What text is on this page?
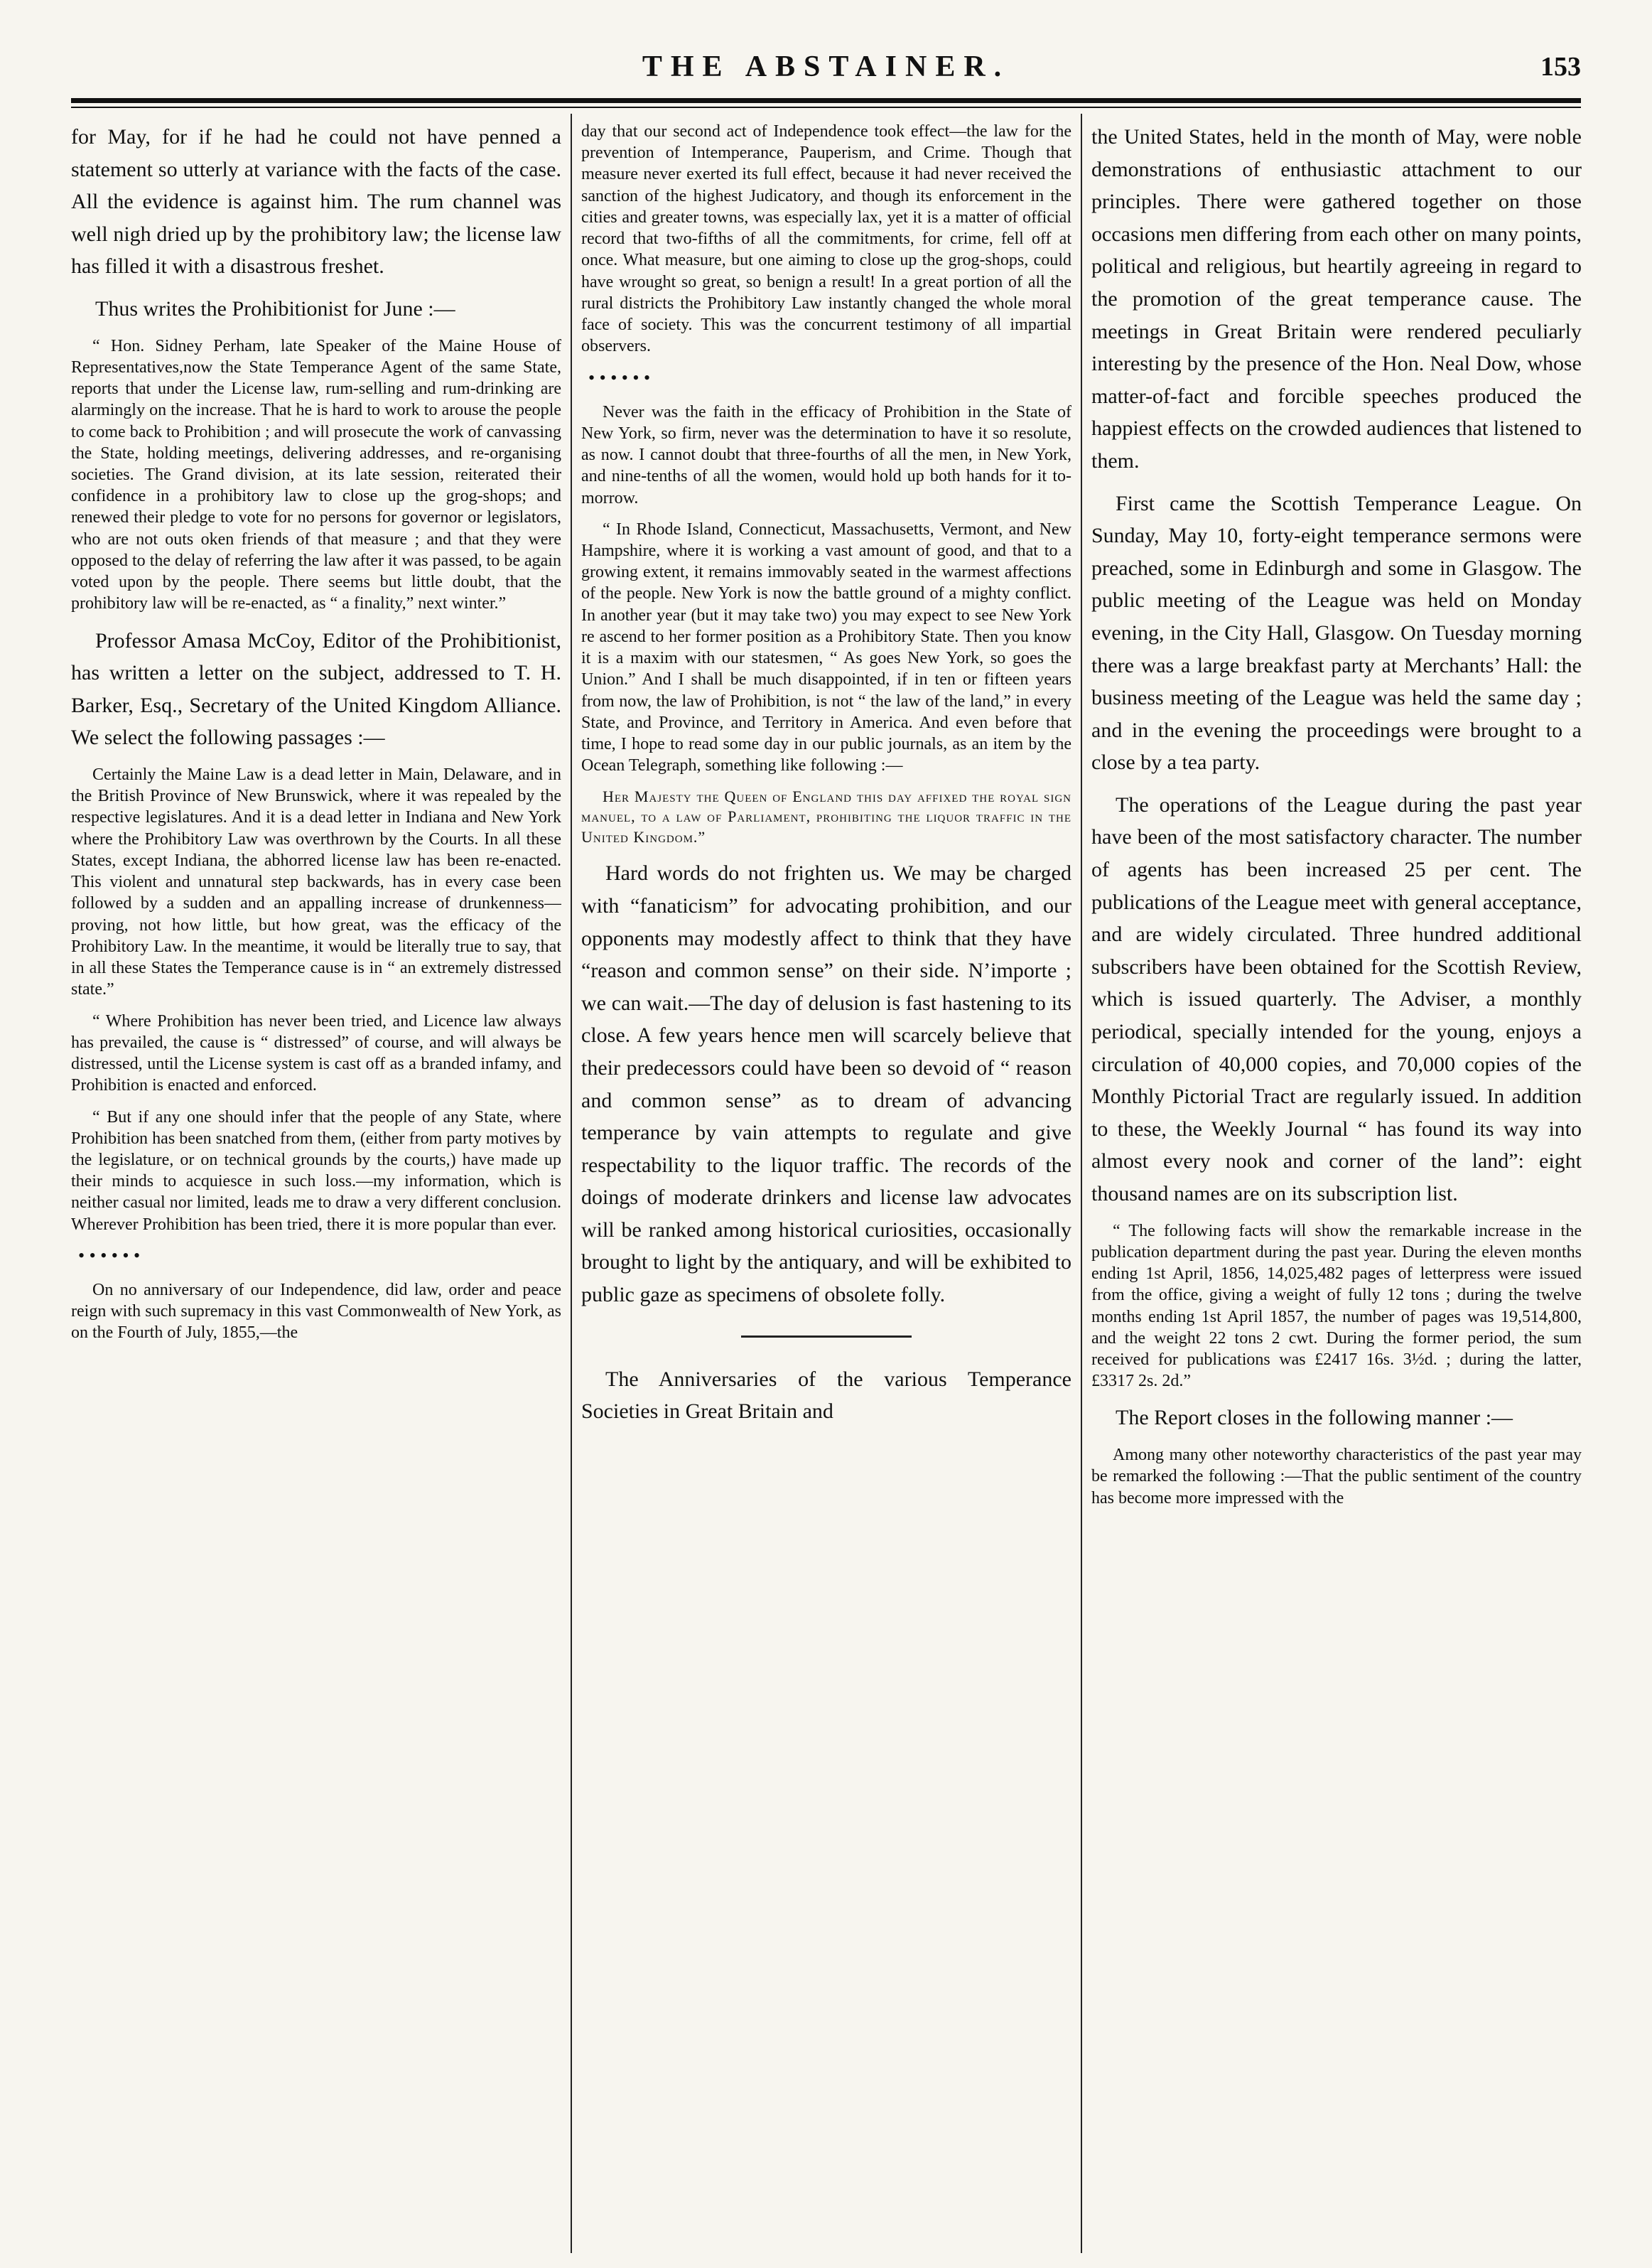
THE ABSTAINER.	153

for May, for if he had he could not have penned a statement so utterly at variance with the facts of the case. All the evidence is against him. The rum channel was well nigh dried up by the prohibitory law; the license law has filled it with a disastrous freshet.

Thus writes the Prohibitionist for June :—

“ Hon. Sidney Perham, late Speaker of the Maine House of Representatives,now the State Temperance Agent of the same State, reports that under the License law, rum-selling and rum-drinking are alarmingly on the increase. That he is hard to work to arouse the people to come back to Prohibition ; and will prosecute the work of canvassing the State, holding meetings, delivering addresses, and re-organising societies. The Grand division, at its late session, reiterated their confidence in a prohibitory law to close up the grog-shops; and renewed their pledge to vote for no persons for governor or legislators, who are not outs oken friends of that measure ; and that they were opposed to the delay of referring the law after it was passed, to be again voted upon by the people. There seems but little doubt, that the prohibitory law will be re-enacted, as “ a finality,” next winter.”

Professor Amasa McCoy, Editor of the Prohibitionist, has written a letter on the subject, addressed to T. H. Barker, Esq., Secretary of the United Kingdom Alliance. We select the following passages :—

Certainly the Maine Law is a dead letter in Main, Delaware, and in the British Province of New Brunswick, where it was repealed by the respective legislatures. And it is a dead letter in Indiana and New York where the Prohibitory Law was overthrown by the Courts. In all these States, except Indiana, the abhorred license law has been re-enacted. This violent and unnatural step backwards, has in every case been followed by a sudden and an appalling increase of drunkenness—proving, not how little, but how great, was the efficacy of the Prohibitory Law. In the meantime, it would be literally true to say, that in all these States the Temperance cause is in “ an extremely distressed state.”

“ Where Prohibition has never been tried, and Licence law always has prevailed, the cause is “ distressed” of course, and will always be distressed, until the License system is cast off as a branded infamy, and Prohibition is enacted and enforced.

“ But if any one should infer that the people of any State, where Prohibition has been snatched from them, (either from party motives by the legislature, or on technical grounds by the courts,) have made up their minds to acquiesce in such loss.—my information, which is neither casual nor limited, leads me to draw a very different conclusion. Wherever Prohibition has been tried, there it is more popular than ever.

• • • • • •

On no anniversary of our Independence, did law, order and peace reign with such supremacy in this vast Commonwealth of New York, as on the Fourth of July, 1855,—the

day that our second act of Independence took effect—the law for the prevention of Intemperance, Pauperism, and Crime. Though that measure never exerted its full effect, because it had never received the sanction of the highest Judicatory, and though its enforcement in the cities and greater towns, was especially lax, yet it is a matter of official record that two-fifths of all the commitments, for crime, fell off at once. What measure, but one aiming to close up the grog-shops, could have wrought so great, so benign a result! In a great portion of all the rural districts the Prohibitory Law instantly changed the whole moral face of society. This was the concurrent testimony of all impartial observers.

• • • • • •

Never was the faith in the efficacy of Prohibition in the State of New York, so firm, never was the determination to have it so resolute, as now. I cannot doubt that three-fourths of all the men, in New York, and nine-tenths of all the women, would hold up both hands for it to-morrow.

“ In Rhode Island, Connecticut, Massachusetts, Vermont, and New Hampshire, where it is working a vast amount of good, and that to a growing extent, it remains immovably seated in the warmest affections of the people. New York is now the battle ground of a mighty conflict. In another year (but it may take two) you may expect to see New York re ascend to her former position as a Prohibitory State. Then you know it is a maxim with our statesmen, “ As goes New York, so goes the Union.” And I shall be much disappointed, if in ten or fifteen years from now, the law of Prohibition, is not “ the law of the land,” in every State, and Province, and Territory in America. And even before that time, I hope to read some day in our public journals, as an item by the Ocean Telegraph, something like following :—

Her Majesty the Queen of England this day affixed the royal sign manuel, to a law of Parliament, prohibiting the liquor traffic in the United Kingdom.”

Hard words do not frighten us. We may be charged with “fanaticism” for advocating prohibition, and our opponents may modestly affect to think that they have “reason and common sense” on their side. N’importe ; we can wait.—The day of delusion is fast hastening to its close. A few years hence men will scarcely believe that their predecessors could have been so devoid of “ reason and common sense” as to dream of advancing temperance by vain attempts to regulate and give respectability to the liquor traffic. The records of the doings of moderate drinkers and license law advocates will be ranked among historical curiosities, occasionally brought to light by the antiquary, and will be exhibited to public gaze as specimens of obsolete folly.

The Anniversaries of the various Temperance Societies in Great Britain and

the United States, held in the month of May, were noble demonstrations of enthusiastic attachment to our principles. There were gathered together on those occasions men differing from each other on many points, political and religious, but heartily agreeing in regard to the promotion of the great temperance cause. The meetings in Great Britain were rendered peculiarly interesting by the presence of the Hon. Neal Dow, whose matter-of-fact and forcible speeches produced the happiest effects on the crowded audiences that listened to them.

First came the Scottish Temperance League. On Sunday, May 10, forty-eight temperance sermons were preached, some in Edinburgh and some in Glasgow. The public meeting of the League was held on Monday evening, in the City Hall, Glasgow. On Tuesday morning there was a large breakfast party at Merchants’ Hall: the business meeting of the League was held the same day ; and in the evening the proceedings were brought to a close by a tea party.

The operations of the League during the past year have been of the most satisfactory character. The number of agents has been increased 25 per cent. The publications of the League meet with general acceptance, and are widely circulated. Three hundred additional subscribers have been obtained for the Scottish Review, which is issued quarterly. The Adviser, a monthly periodical, specially intended for the young, enjoys a circulation of 40,000 copies, and 70,000 copies of the Monthly Pictorial Tract are regularly issued. In addition to these, the Weekly Journal “ has found its way into almost every nook and corner of the land”: eight thousand names are on its subscription list.

“ The following facts will show the remarkable increase in the publication department during the past year. During the eleven months ending 1st April, 1856, 14,025,482 pages of letterpress were issued from the office, giving a weight of fully 12 tons ; during the twelve months ending 1st April 1857, the number of pages was 19,514,800, and the weight 22 tons 2 cwt. During the former period, the sum received for publications was £2417 16s. 3½d. ; during the latter, £3317 2s. 2d.”

The Report closes in the following manner :—

Among many other noteworthy characteristics of the past year may be remarked the following :—That the public sentiment of the country has become more impressed with the
